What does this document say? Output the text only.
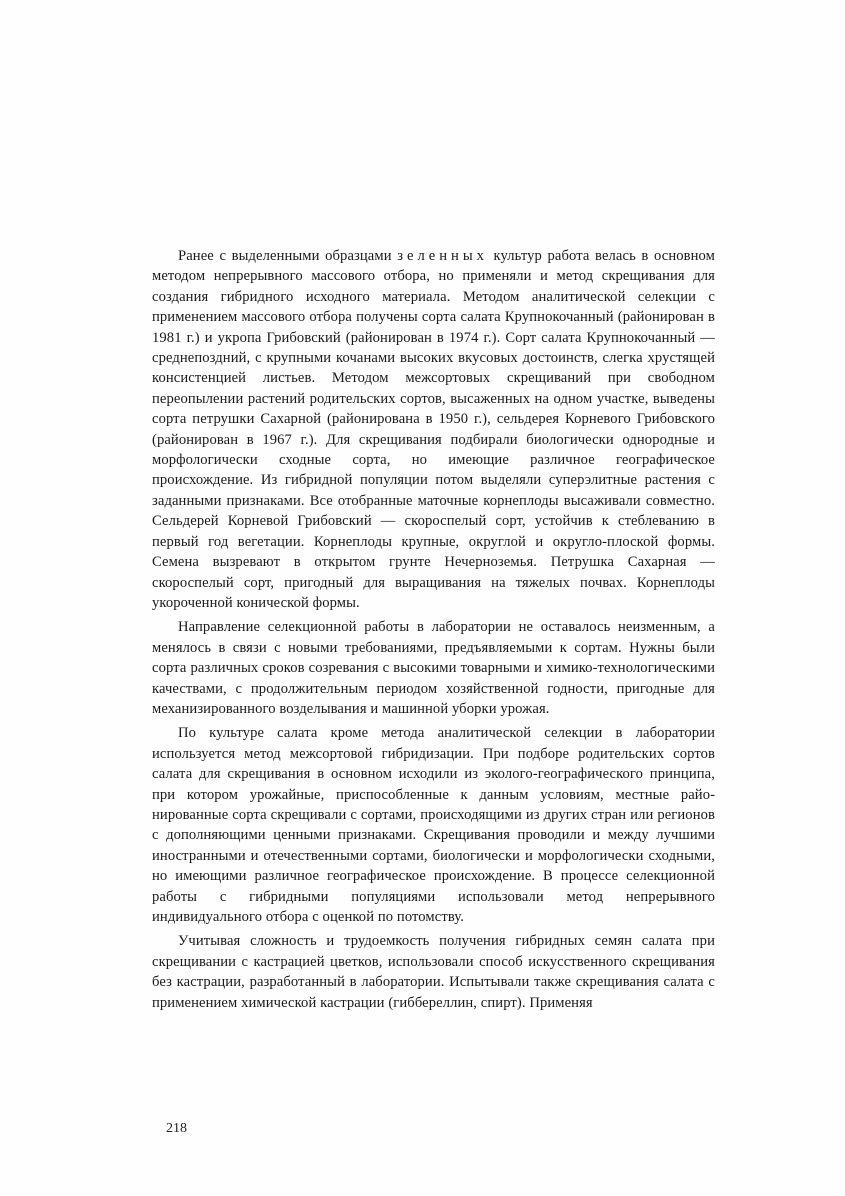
Ранее с выделенными образцами зеленных культур работа велась в основном методом непрерывного массового отбора, но применяли и метод скрещивания для создания гибридного исходного материала. Методом аналитической селекции с применением массового отбора получены сорта салата Крупнокочанный (районирован в 1981 г.) и укропа Грибовский (районирован в 1974 г.). Сорт салата Крупнокочанный — среднепоздний, с крупными кочанами высоких вкусовых достоинств, слегка хрустящей консистенцией листьев. Методом межсортовых скрещиваний при свободном переопылении растений родительских сортов, высаженных на одном участке, выведены сорта петрушки Сахарной (районирована в 1950 г.), сельдерея Корневого Грибовского (районирован в 1967 г.). Для скрещивания подбирали биологически однородные и морфологически сходные сорта, но имеющие различное географическое происхождение. Из гибридной популяции потом выделяли суперэлитные растения с заданными признаками. Все отобранные маточные корнеплоды высаживали совместно. Сельдерей Корневой Грибовский — скороспелый сорт, устойчив к стеблеванию в первый год вегетации. Корнеплоды крупные, округлой и округло-плоской формы. Семена вызревают в открытом грунте Нечерноземья. Петрушка Сахарная — скороспелый сорт, пригодный для выращивания на тяжелых почвах. Корнеплоды укороченной конической формы.

Направление селекционной работы в лаборатории не оставалось неизменным, а менялось в связи с новыми требованиями, предъявляемыми к сортам. Нужны были сорта различных сроков созревания с высокими товарными и химико-технологическими качествами, с продолжительным периодом хозяйственной годности, пригодные для механизированного возделывания и машинной уборки урожая.

По культуре салата кроме метода аналитической селекции в лаборатории используется метод межсортовой гибридизации. При подборе родительских сортов салата для скрещивания в основном исходили из эколого-географического принципа, при котором урожайные, приспособленные к данным условиям, местные районированные сорта скрещивали с сортами, происходящими из других стран или регионов с дополняющими ценными признаками. Скрещивания проводили и между лучшими иностранными и отечественными сортами, биологически и морфологически сходными, но имеющими различное географическое происхождение. В процессе селекционной работы с гибридными популяциями использовали метод непрерывного индивидуального отбора с оценкой по потомству.

Учитывая сложность и трудоемкость получения гибридных семян салата при скрещивании с кастрацией цветков, использовали способ искусственного скрещивания без кастрации, разработанный в лаборатории. Испытывали также скрещивания салата с применением химической кастрации (гиббереллин, спирт). Применяя

218
